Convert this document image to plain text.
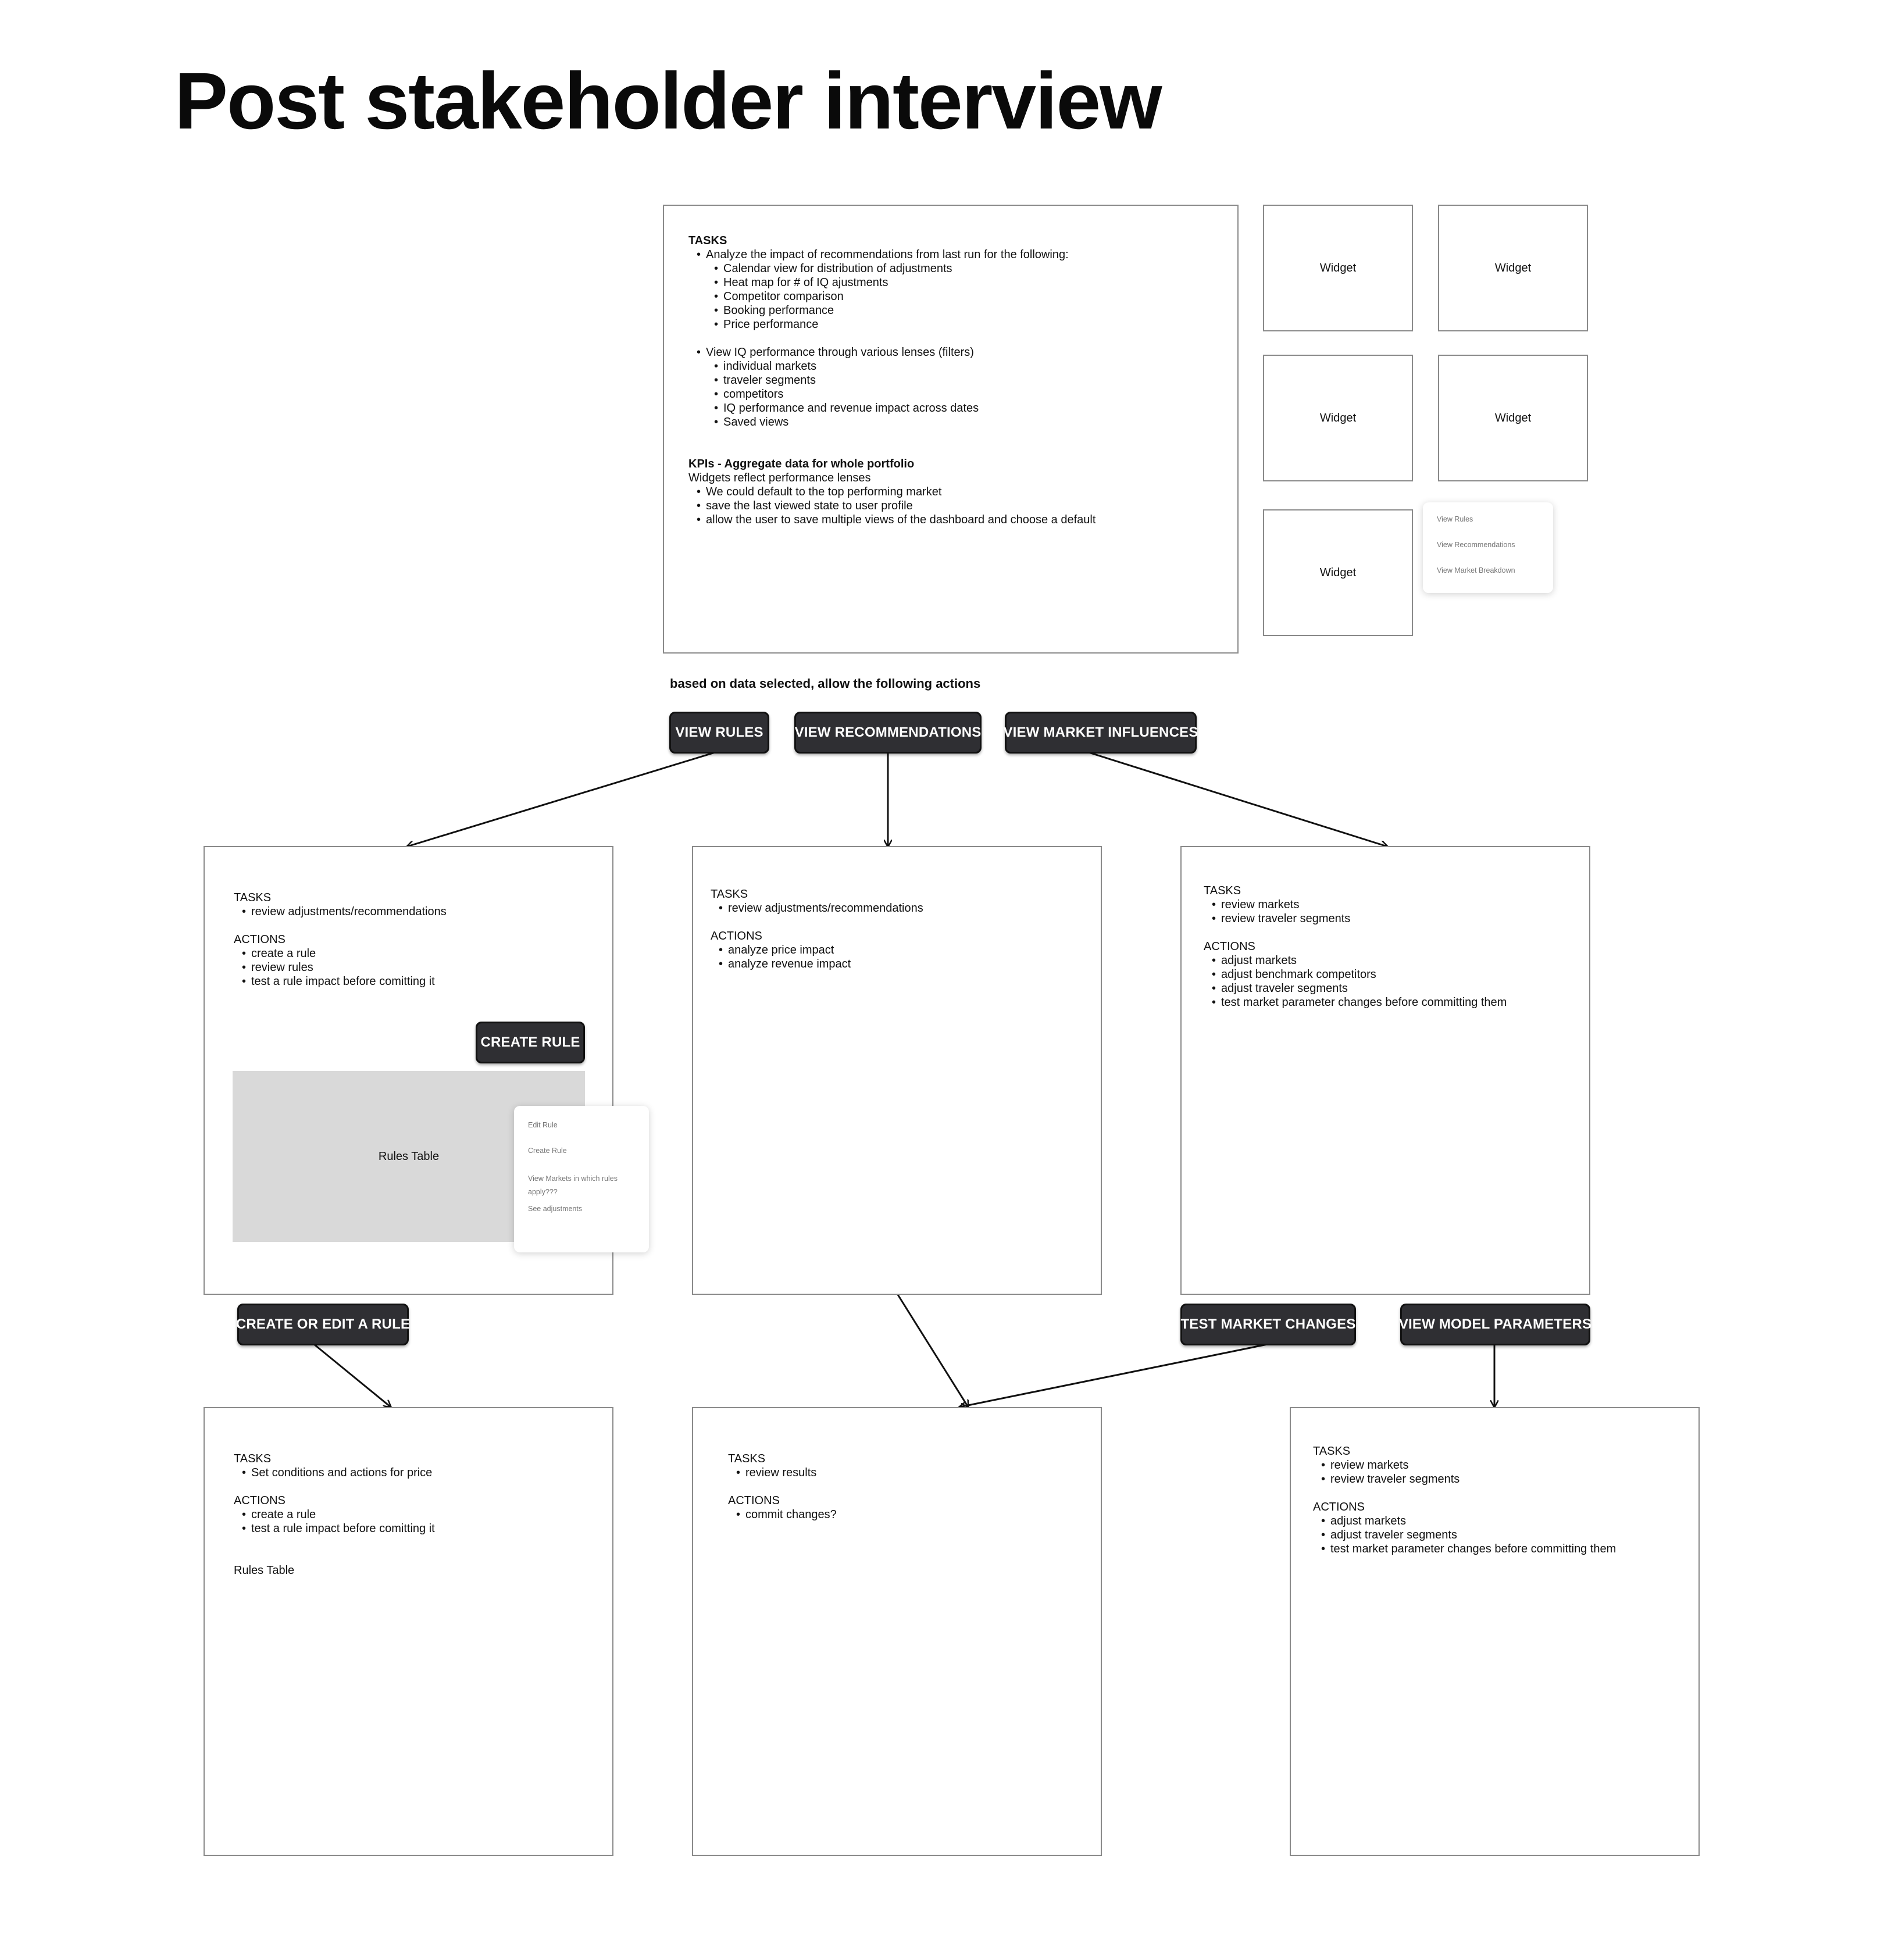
Post stakeholder interview
TASKS
• Analyze the impact of recommendations from last run for the following:
• Calendar view for distribution of adjustments
• Heat map for # of IQ ajustments
• Competitor comparison
• Booking performance
• Price performance
• View IQ performance through various lenses (filters)
• individual markets
• traveler segments
• competitors
• IQ performance and revenue impact across dates
• Saved views
KPIs - Aggregate data for whole portfolio
Widgets reflect performance lenses
• We could default to the top performing market
• save the last viewed state to user profile
• allow the user to save multiple views of the dashboard and choose a default
Widget	Widget
Widget	Widget
Widget
View Rules
View Recommendations
View Market Breakdown
based on data selected, allow the following actions
VIEW RULES	VIEW RECOMMENDATIONS VIEW MARKET INFLUENCES
TASKS
• review adjustments/recommendations
ACTIONS
• create a rule
• review rules
• test a rule impact before comitting it
Rules Table
CREATE RULE
Edit Rule
Create Rule
View Markets in which rules apply???
See adjustments
TASKS
• review adjustments/recommendations
ACTIONS
• analyze price impact
• analyze revenue impact
TASKS
• review markets
• review traveler segments
ACTIONS
• adjust markets
• adjust benchmark competitors
• adjust traveler segments
• test market parameter changes before committing them
CREATE OR EDIT A RULE	TEST MARKET CHANGES	VIEW MODEL PARAMETERS
TASKS
• Set conditions and actions for price
ACTIONS
• create a rule
• test a rule impact before comitting it
Rules Table
TASKS
• review results
ACTIONS
• commit changes?
TASKS
• review markets
• review traveler segments
ACTIONS
• adjust markets
• adjust traveler segments
• test market parameter changes before committing them
